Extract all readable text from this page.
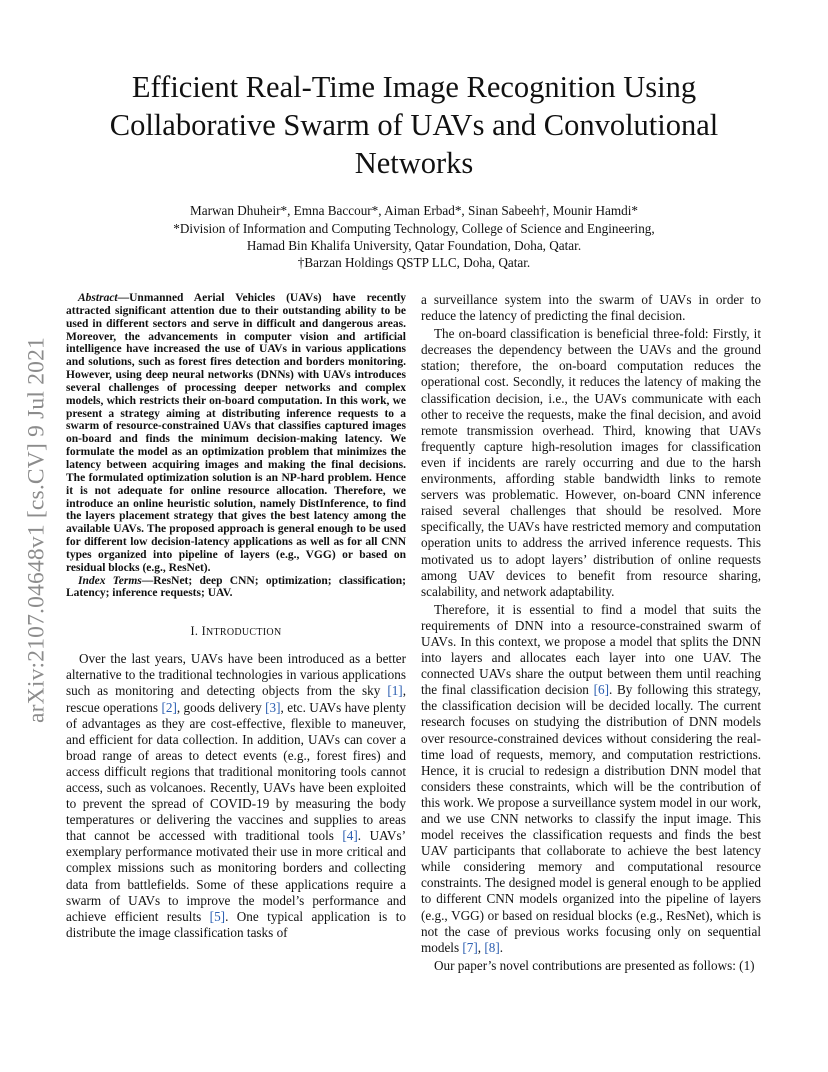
arXiv:2107.04648v1 [cs.CV] 9 Jul 2021
Efficient Real-Time Image Recognition Using Collaborative Swarm of UAVs and Convolutional Networks
Marwan Dhuheir*, Emna Baccour*, Aiman Erbad*, Sinan Sabeeh†, Mounir Hamdi*
*Division of Information and Computing Technology, College of Science and Engineering,
Hamad Bin Khalifa University, Qatar Foundation, Doha, Qatar.
†Barzan Holdings QSTP LLC, Doha, Qatar.

Abstract—Unmanned Aerial Vehicles (UAVs) have recently attracted significant attention due to their outstanding ability to be used in different sectors and serve in difficult and dangerous areas. Moreover, the advancements in computer vision and artificial intelligence have increased the use of UAVs in various applications and solutions, such as forest fires detection and borders monitoring. However, using deep neural networks (DNNs) with UAVs introduces several challenges of processing deeper networks and complex models, which restricts their on-board computation. In this work, we present a strategy aiming at distributing inference requests to a swarm of resource-constrained UAVs that classifies captured images on-board and finds the minimum decision-making latency. We formulate the model as an optimization problem that minimizes the latency between acquiring images and making the final decisions. The formulated optimization solution is an NP-hard problem. Hence it is not adequate for online resource allocation. Therefore, we introduce an online heuristic solution, namely DistInference, to find the layers placement strategy that gives the best latency among the available UAVs. The proposed approach is general enough to be used for different low decision-latency applications as well as for all CNN types organized into pipeline of layers (e.g., VGG) or based on residual blocks (e.g., ResNet).

Index Terms—ResNet; deep CNN; optimization; classification; Latency; inference requests; UAV.

I. INTRODUCTION

Over the last years, UAVs have been introduced as a better alternative to the traditional technologies in various applications such as monitoring and detecting objects from the sky [1], rescue operations [2], goods delivery [3], etc. UAVs have plenty of advantages as they are cost-effective, flexible to maneuver, and efficient for data collection. In addition, UAVs can cover a broad range of areas to detect events (e.g., forest fires) and access difficult regions that traditional monitoring tools cannot access, such as volcanoes. Recently, UAVs have been exploited to prevent the spread of COVID-19 by measuring the body temperatures or delivering the vaccines and supplies to areas that cannot be accessed with traditional tools [4]. UAVs’ exemplary performance motivated their use in more critical and complex missions such as monitoring borders and collecting data from battlefields. Some of these applications require a swarm of UAVs to improve the model’s performance and achieve efficient results [5]. One typical application is to distribute the image classification tasks of

a surveillance system into the swarm of UAVs in order to reduce the latency of predicting the final decision.

The on-board classification is beneficial three-fold: Firstly, it decreases the dependency between the UAVs and the ground station; therefore, the on-board computation reduces the operational cost. Secondly, it reduces the latency of making the classification decision, i.e., the UAVs communicate with each other to receive the requests, make the final decision, and avoid remote transmission overhead. Third, knowing that UAVs frequently capture high-resolution images for classification even if incidents are rarely occurring and due to the harsh environments, affording stable bandwidth links to remote servers was problematic. However, on-board CNN inference raised several challenges that should be resolved. More specifically, the UAVs have restricted memory and computation operation units to address the arrived inference requests. This motivated us to adopt layers’ distribution of online requests among UAV devices to benefit from resource sharing, scalability, and network adaptability.

Therefore, it is essential to find a model that suits the requirements of DNN into a resource-constrained swarm of UAVs. In this context, we propose a model that splits the DNN into layers and allocates each layer into one UAV. The connected UAVs share the output between them until reaching the final classification decision [6]. By following this strategy, the classification decision will be decided locally. The current research focuses on studying the distribution of DNN models over resource-constrained devices without considering the real-time load of requests, memory, and computation restrictions. Hence, it is crucial to redesign a distribution DNN model that considers these constraints, which will be the contribution of this work. We propose a surveillance system model in our work, and we use CNN networks to classify the input image. This model receives the classification requests and finds the best UAV participants that collaborate to achieve the best latency while considering memory and computational resource constraints. The designed model is general enough to be applied to different CNN models organized into the pipeline of layers (e.g., VGG) or based on residual blocks (e.g., ResNet), which is not the case of previous works focusing only on sequential models [7], [8].

Our paper’s novel contributions are presented as follows: (1)
